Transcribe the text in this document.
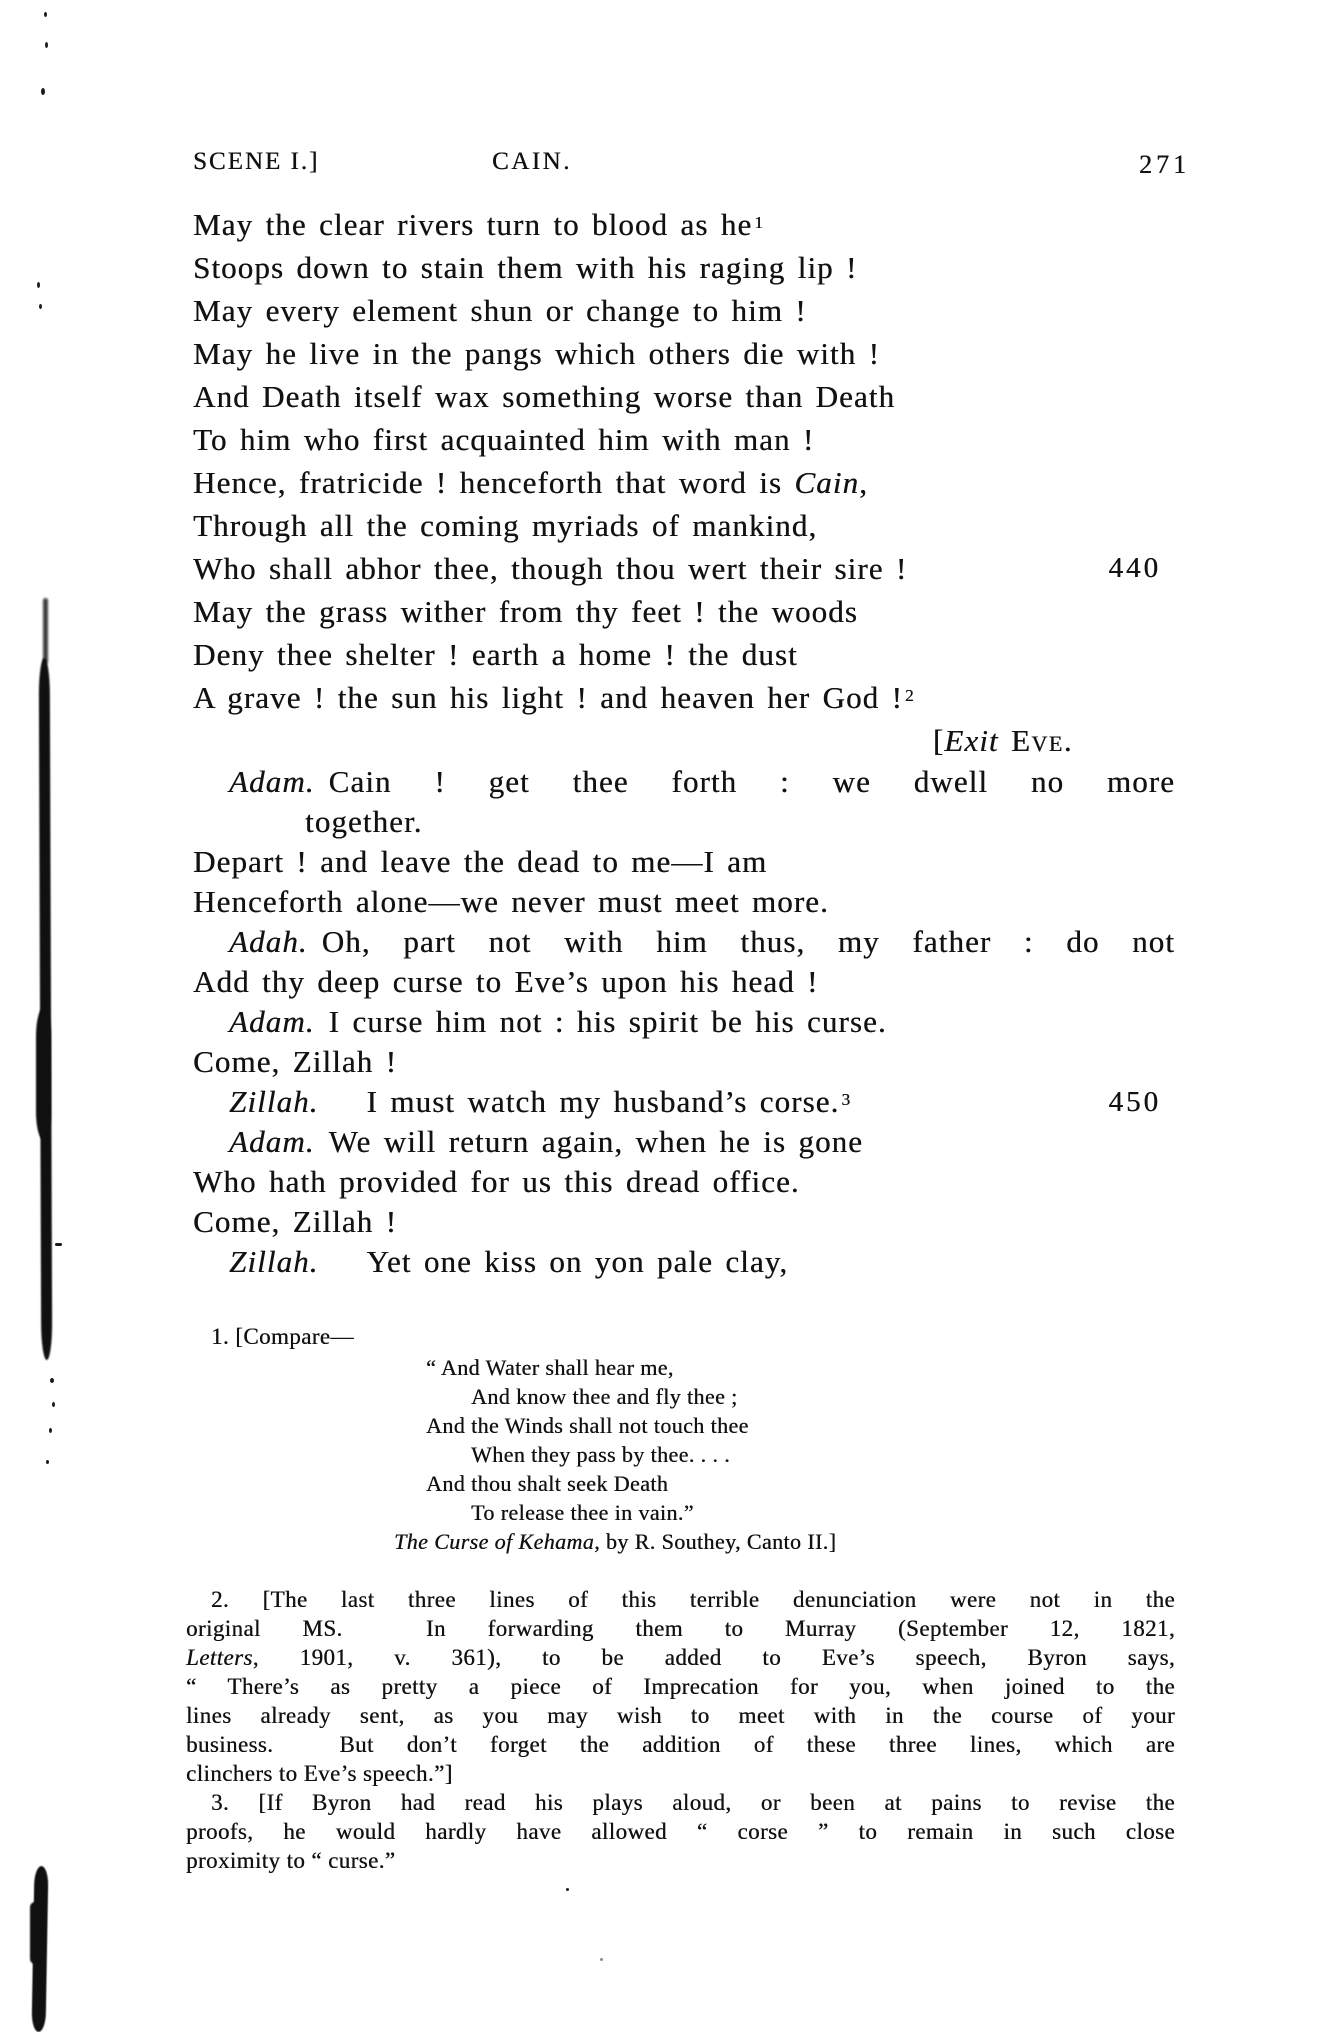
SCENE I.]	CAIN.	271
May the clear rivers turn to blood as he $^1$
Stoops down to stain them with his raging lip !
May every element shun or change to him !
May he live in the pangs which others die with !
And Death itself wax something worse than Death
To him who first acquainted him with man !
Hence, fratricide ! henceforth that word is Cain,
Through all the coming myriads of mankind,
Who shall abhor thee, though thou wert their sire !	440
May the grass wither from thy feet ! the woods
Deny thee shelter ! earth a home ! the dust
A grave ! the sun his light ! and heaven her God ! $^2$
[Exit Eve.
Adam. Cain ! get thee forth : we dwell no more
together.
Depart ! and leave the dead to me—I am
Henceforth alone—we never must meet more.
Adah. Oh, part not with him thus, my father : do not
Add thy deep curse to Eve’s upon his head !
Adam. I curse him not : his spirit be his curse.
Come, Zillah !
Zillah. I must watch my husband’s corse. $^3$	450
Adam. We will return again, when he is gone
Who hath provided for us this dread office.
Come, Zillah !
Zillah. Yet one kiss on yon pale clay,
1. [Compare—
“ And Water shall hear me,
And know thee and fly thee ;
And the Winds shall not touch thee
When they pass by thee. . . .
And thou shalt seek Death
To release thee in vain.”
The Curse of Kehama, by R. Southey, Canto II.]
2. [The last three lines of this terrible denunciation were not in the
original MS.  In forwarding them to Murray (September 12, 1821,
Letters, 1901, v. 361), to be added to Eve’s speech, Byron says,
“ There’s as pretty a piece of Imprecation for you, when joined to the
lines already sent, as you may wish to meet with in the course of your
business.  But don’t forget the addition of these three lines, which are
clinchers to Eve’s speech.”]
3. [If Byron had read his plays aloud, or been at pains to revise the
proofs, he would hardly have allowed “ corse ” to remain in such close
proximity to “ curse.”
